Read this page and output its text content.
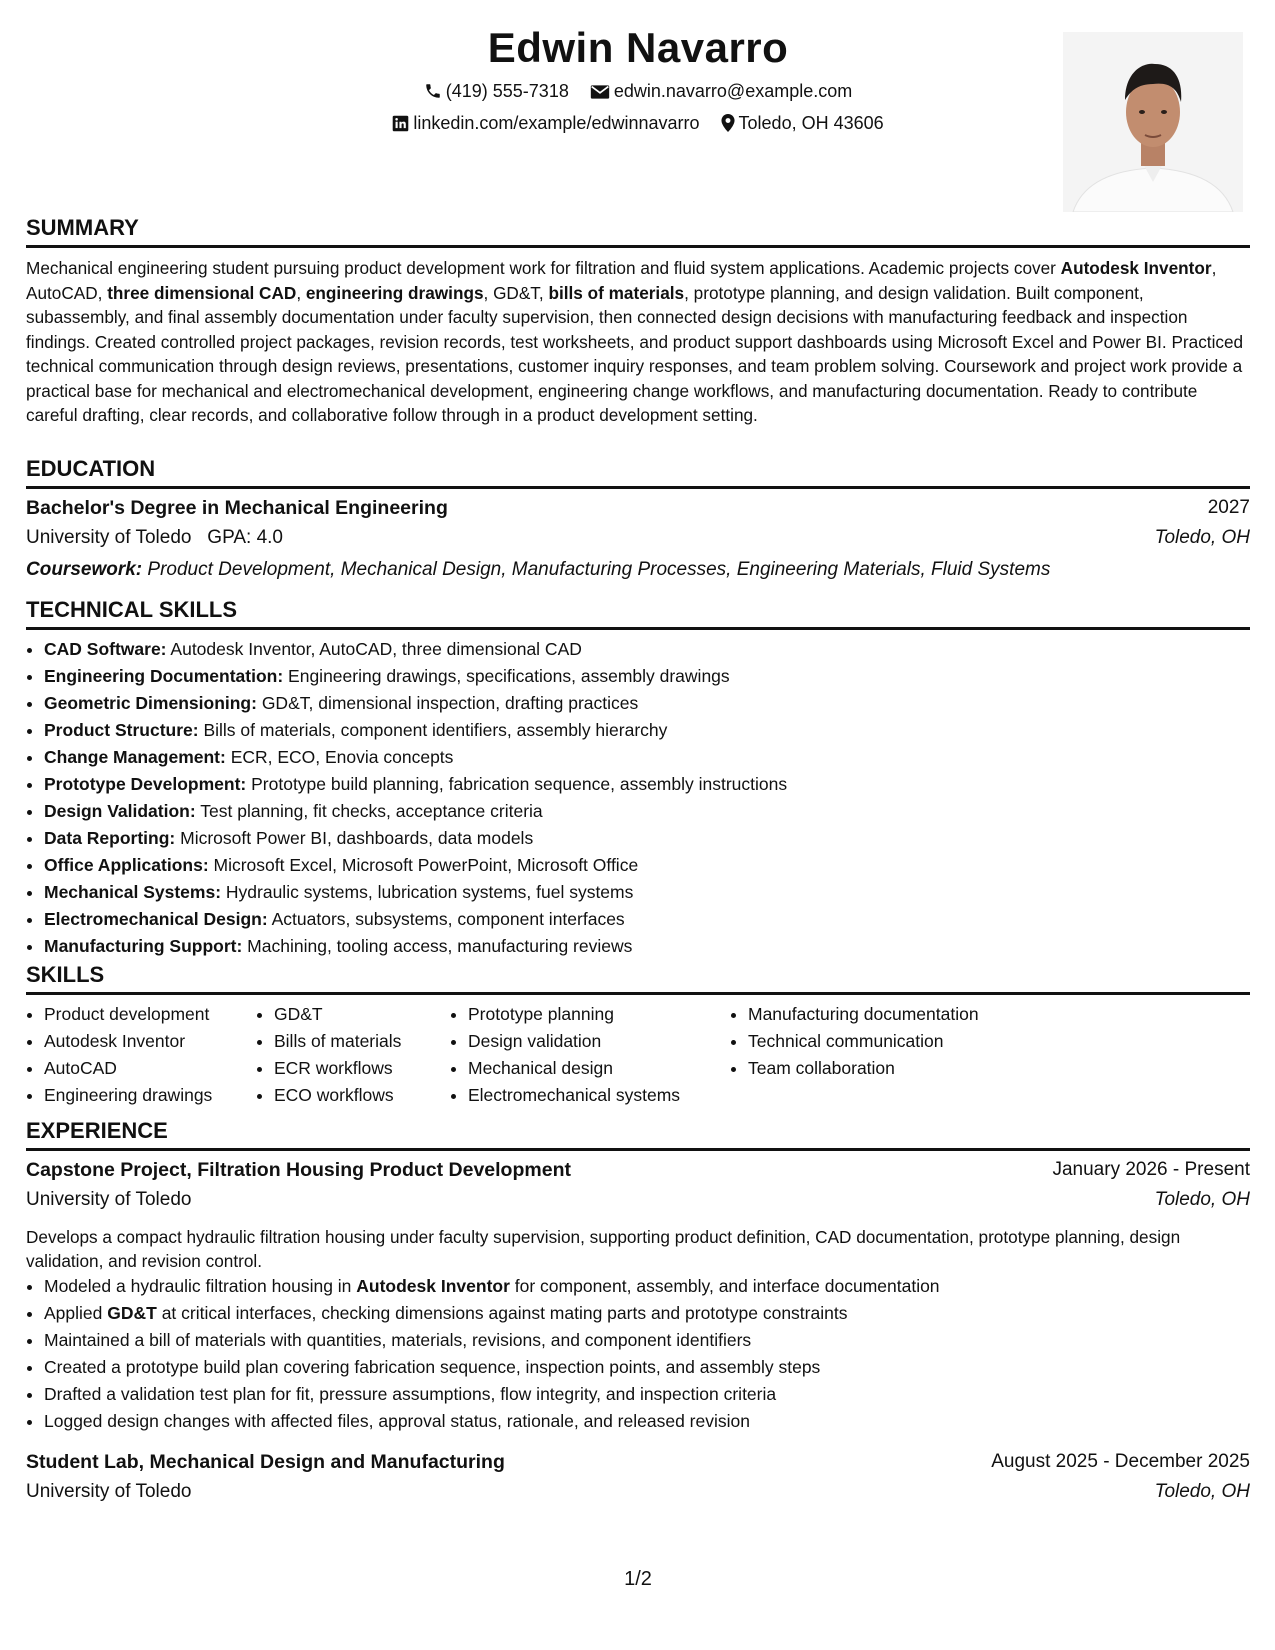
Edwin Navarro
(419) 555-7318	edwin.navarro@example.com
linkedin.com/example/edwinnavarro Toledo, OH 43606
SUMMARY

Mechanical engineering student pursuing product development work for filtration and fluid system applications. Academic projects cover Autodesk Inventor, AutoCAD, three dimensional CAD, engineering drawings, GD&T, bills of materials, prototype planning, and design validation. Built component, subassembly, and final assembly documentation under faculty supervision, then connected design decisions with manufacturing feedback and inspection findings. Created controlled project packages, revision records, test worksheets, and product support dashboards using Microsoft Excel and Power BI. Practiced technical communication through design reviews, presentations, customer inquiry responses, and team problem solving. Coursework and project work provide a practical base for mechanical and electromechanical development, engineering change workflows, and manufacturing documentation. Ready to contribute careful drafting, clear records, and collaborative follow through in a product development setting.

EDUCATION
Bachelor's Degree in Mechanical Engineering	2027
University of Toledo GPA: 4.0	Toledo, OH
Coursework: Product Development, Mechanical Design, Manufacturing Processes, Engineering Materials, Fluid Systems
TECHNICAL SKILLS
• CAD Software: Autodesk Inventor, AutoCAD, three dimensional CAD
• Engineering Documentation: Engineering drawings, specifications, assembly drawings
• Geometric Dimensioning: GD&T, dimensional inspection, drafting practices
• Product Structure: Bills of materials, component identifiers, assembly hierarchy
• Change Management: ECR, ECO, Enovia concepts
• Prototype Development: Prototype build planning, fabrication sequence, assembly instructions
• Design Validation: Test planning, fit checks, acceptance criteria
• Data Reporting: Microsoft Power BI, dashboards, data models
• Office Applications: Microsoft Excel, Microsoft PowerPoint, Microsoft Office
• Mechanical Systems: Hydraulic systems, lubrication systems, fuel systems
• Electromechanical Design: Actuators, subsystems, component interfaces
• Manufacturing Support: Machining, tooling access, manufacturing reviews
SKILLS
• Product development
• Autodesk Inventor
• AutoCAD
• Engineering drawings
• GD&T
• Bills of materials
• ECR workflows
• ECO workflows
• Prototype planning
• Design validation
• Mechanical design
• Electromechanical systems
• Manufacturing documentation
• Technical communication
• Team collaboration
EXPERIENCE
Capstone Project, Filtration Housing Product Development	January 2026 - Present
University of Toledo	Toledo, OH
Develops a compact hydraulic filtration housing under faculty supervision, supporting product definition, CAD documentation, prototype planning, design validation, and revision control.
• Modeled a hydraulic filtration housing in Autodesk Inventor for component, assembly, and interface documentation
• Applied GD&T at critical interfaces, checking dimensions against mating parts and prototype constraints
• Maintained a bill of materials with quantities, materials, revisions, and component identifiers
• Created a prototype build plan covering fabrication sequence, inspection points, and assembly steps
• Drafted a validation test plan for fit, pressure assumptions, flow integrity, and inspection criteria
• Logged design changes with affected files, approval status, rationale, and released revision
Student Lab, Mechanical Design and Manufacturing	August 2025 - December 2025
University of Toledo	Toledo, OH
1/2
